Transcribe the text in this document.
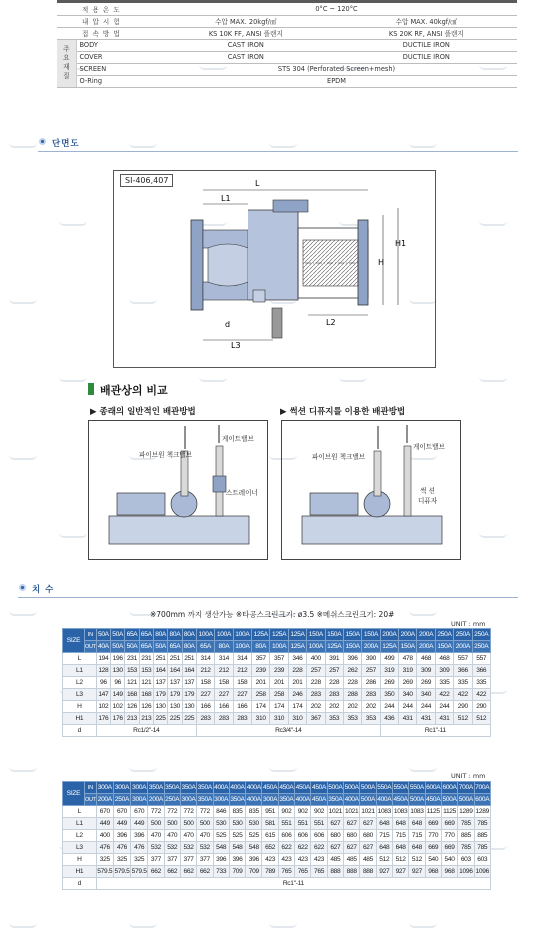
적 용 온 도		0°C ~ 120°C	
내 압 시 험		수압 MAX. 20kgf/㎠	수압 MAX. 40kgf/㎠
접 속 방 법		KS 10K FF, ANSI 플랜지	KS 20K RF, ANSI 플랜지
주요재질	BODY	CAST IRON	DUCTILE IRON
	COVER	CAST IRON	DUCTILE IRON
	SCREEN	STS 304 (Perforated Screen+mesh)	
	O-Ring	EPDM	
단면도
SI-406,407	L
L1
L2
L3
H
H1
d
배관상의 비교
▶ 종래의 일반적인 배관방법	▶ 썩션 디퓨지를 이용한 배관방법
게이트밸브
파이브원 첵크밸브
스트레이너
게이트밸브
파이브원 첵크밸브
썩 션
디퓨자
치 수
※700mm 까지 생산가능 ※타공스크린크기: ø3.5 ※메쉬스크린크기: 20#
UNIT : mm
SIZE	IN	50A	50A	65A	65A	80A	80A	80A	100A	100A	100A	125A	125A	125A	150A	150A	150A	150A	200A	200A	200A	250A	250A	250A
	OUT	40A	50A	50A	65A	50A	65A	80A	65A	80A	100A	80A	100A	125A	100A	125A	150A	200A	125A	150A	200A	150A	200A	250A
L		194	196	231	231	251	251	251	314	314	314	357	357	346	400	391	396	390	499	478	468	468	557	557
L1		128	130	153	153	164	164	164	212	212	212	239	239	228	257	257	262	257	319	319	309	309	366	366
L2		96	96	121	121	137	137	137	158	158	158	201	201	201	228	228	228	286	269	269	269	335	335	335
L3		147	149	168	168	179	179	179	227	227	227	258	258	246	283	283	288	283	350	340	340	422	422	422
H		102	102	126	126	130	130	130	166	166	166	174	174	174	202	202	202	202	244	244	244	244	290	290
H1		176	176	213	213	225	225	225	283	283	283	310	310	310	367	353	353	353	436	431	431	431	512	512
d		Rc1/2"-14							Rc3/4"-14										Rc1"-11					
UNIT : mm
SIZE	IN	300A	300A	300A	350A	350A	350A	350A	400A	400A	400A	450A	450A	450A	450A	500A	500A	500A	550A	550A	550A	600A	600A	700A	700A
	OUT	200A	250A	300A	200A	250A	300A	350A	300A	350A	400A	300A	350A	400A	450A	350A	400A	500A	400A	450A	500A	450A	500A	500A	600A
L		670	670	670	772	772	772	772	846	835	835	951	902	902	902	1021	1021	1021	1083	1083	1083	1125	1125	1289	1289
L1		449	449	449	500	500	500	500	530	530	530	581	551	551	551	627	627	627	648	648	648	669	669	785	785
L2		400	396	396	470	470	470	470	525	525	525	615	606	606	606	680	680	680	715	715	715	770	770	885	885
L3		476	476	476	532	532	532	532	548	548	548	652	622	622	622	627	627	627	648	648	648	669	669	785	785
H		325	325	325	377	377	377	377	396	396	396	423	423	423	423	485	485	485	512	512	512	540	540	603	603
H1		579.5	579.5	579.5	662	662	662	662	733	709	709	789	765	765	765	888	888	888	927	927	927	968	968	1096	1096
d		Rc1"-11																							
